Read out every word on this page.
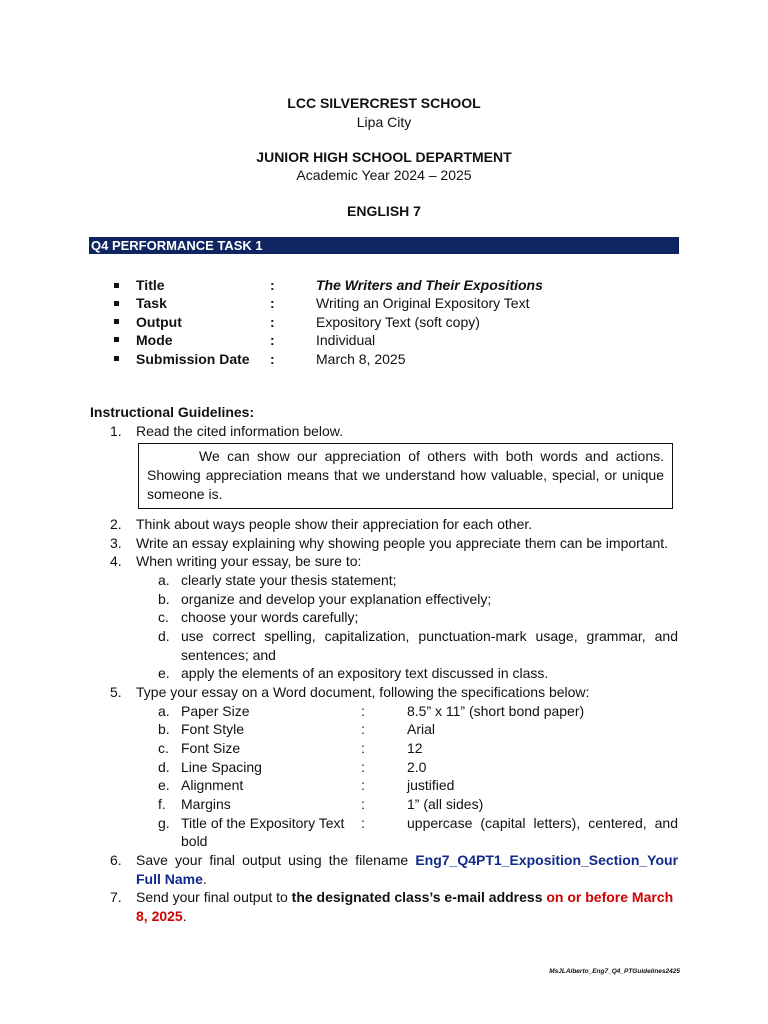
LCC SILVERCREST SCHOOL
Lipa City
JUNIOR HIGH SCHOOL DEPARTMENT
Academic Year 2024 – 2025
ENGLISH 7
Q4 PERFORMANCE TASK 1
Title	:	The Writers and Their Expositions
Task	:	Writing an Original Expository Text
Output	:	Expository Text (soft copy)
Mode	:	Individual
Submission Date :	March 8, 2025
Instructional Guidelines:
1. Read the cited information below.
We can show our appreciation of others with both words and actions. Showing appreciation means that we understand how valuable, special, or unique someone is.
2. Think about ways people show their appreciation for each other.
3. Write an essay explaining why showing people you appreciate them can be important.
4. When writing your essay, be sure to:
a. clearly state your thesis statement;
b. organize and develop your explanation effectively;
c. choose your words carefully;
d. use correct spelling, capitalization, punctuation-mark usage, grammar, and
sentences; and
e. apply the elements of an expository text discussed in class.
5. Type your essay on a Word document, following the specifications below:
a. Paper Size	:	8.5” x 11” (short bond paper)
b. Font Style	:	Arial
c. Font Size	:	12
d. Line Spacing	:	2.0
e. Alignment	:	justified
f. Margins	:	1” (all sides)
g. Title of the Expository Text :	uppercase (capital letters), centered, and
bold
6. Save your final output using the filename Eng7_Q4PT1_Exposition_Section_Your
Full Name.
7. Send your final output to the designated class’s e-mail address on or before March
8, 2025.
MsJLAlberto_Eng7_Q4_PTGuidelines2425
